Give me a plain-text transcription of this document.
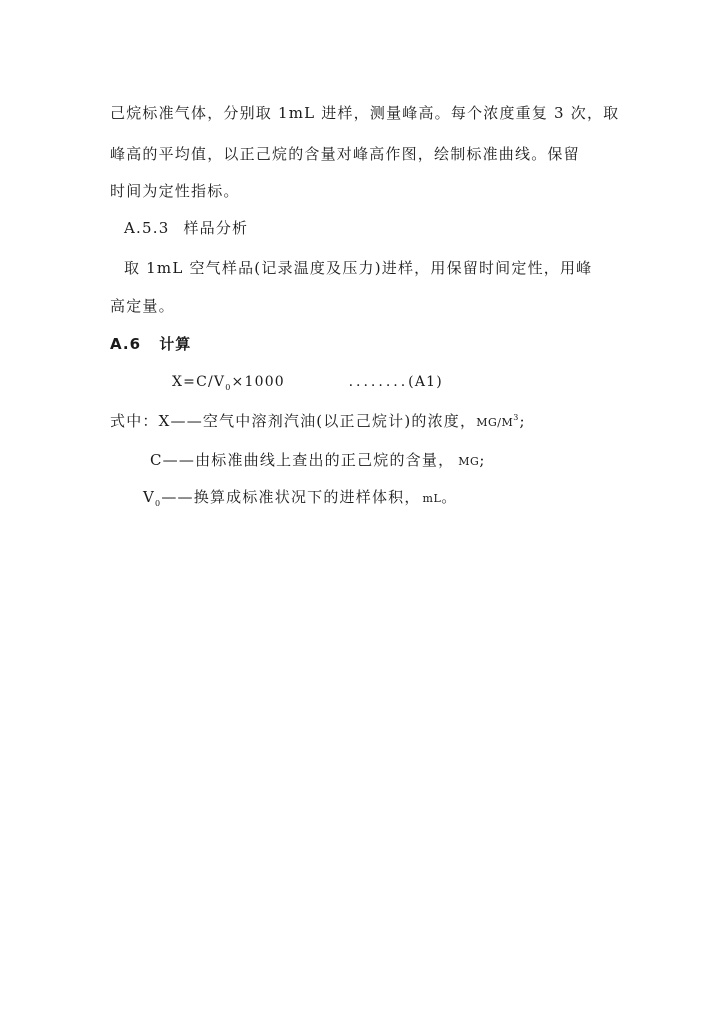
己烷标准气体，分别取 1mL 进样，测量峰高。每个浓度重复 3 次，取
峰高的平均值，以正己烷的含量对峰高作图，绘制标准曲线。保留
时间为定性指标。
A.5.3 样品分析
取 1mL 空气样品(记录温度及压力)进样，用保留时间定性，用峰
高定量。
A.6 计算
$X=C/V_0\times 1000$	........(A1)
式中：X——空气中溶剂汽油(以正己烷计)的浓度，$MG/M^3$;
C——由标准曲线上查出的正己烷的含量， MG;
$V_0——$换算成标准状况下的进样体积， mL。
